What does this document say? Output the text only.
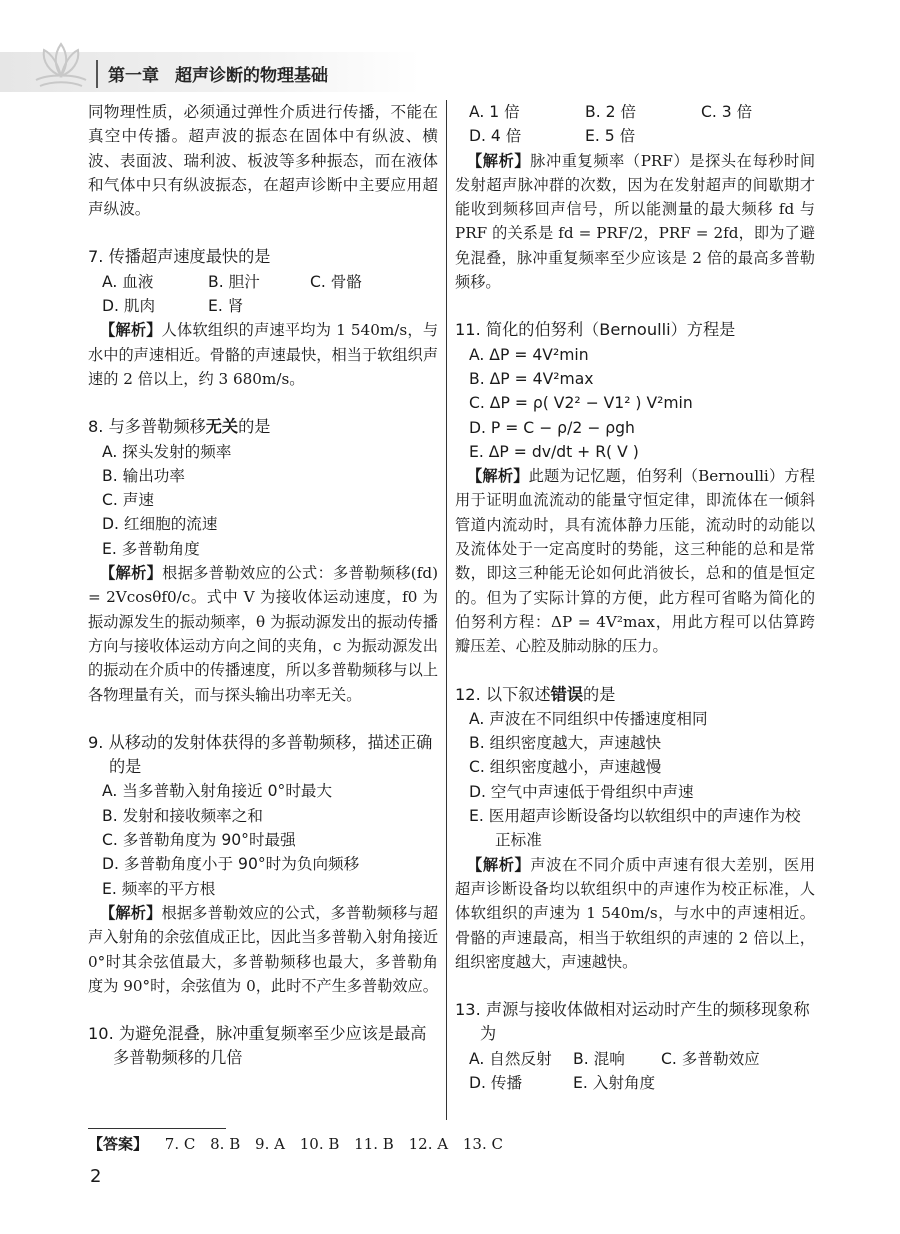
第一章 超声诊断的物理基础

同物理性质，必须通过弹性介质进行传播，不能在真空中传播。超声波的振态在固体中有纵波、横波、表面波、瑞利波、板波等多种振态，而在液体和气体中只有纵波振态，在超声诊断中主要应用超声纵波。

7. 传播超声速度最快的是

A. 血液	B. 胆汁	C. 骨骼
D. 肌肉	E. 肾

【解析】人体软组织的声速平均为 1 540m/s，与水中的声速相近。骨骼的声速最快，相当于软组织声速的 2 倍以上，约 3 680m/s。

8. 与多普勒频移无关的是

A. 探头发射的频率

B. 输出功率

C. 声速

D. 红细胞的流速

E. 多普勒角度

【解析】根据多普勒效应的公式：多普勒频移(fd) = 2Vcosθf0/c。式中 V 为接收体运动速度，f0 为振动源发生的振动频率，θ 为振动源发出的振动传播方向与接收体运动方向之间的夹角，c 为振动源发出的振动在介质中的传播速度，所以多普勒频移与以上各物理量有关，而与探头输出功率无关。

9. 从移动的发射体获得的多普勒频移，描述正确的是

A. 当多普勒入射角接近 0°时最大

B. 发射和接收频率之和

C. 多普勒角度为 90°时最强

D. 多普勒角度小于 90°时为负向频移

E. 频率的平方根

【解析】根据多普勒效应的公式，多普勒频移与超声入射角的余弦值成正比，因此当多普勒入射角接近 0°时其余弦值最大，多普勒频移也最大，多普勒角度为 90°时，余弦值为 0，此时不产生多普勒效应。

10. 为避免混叠，脉冲重复频率至少应该是最高多普勒频移的几倍

A. 1 倍	B. 2 倍	C. 3 倍
D. 4 倍	E. 5 倍

【解析】脉冲重复频率（PRF）是探头在每秒时间发射超声脉冲群的次数，因为在发射超声的间歇期才能收到频移回声信号，所以能测量的最大频移 fd 与 PRF 的关系是 fd = PRF/2，PRF = 2fd，即为了避免混叠，脉冲重复频率至少应该是 2 倍的最高多普勒频移。

11. 简化的伯努利（Bernoulli）方程是

A. ΔP = 4V²min

B. ΔP = 4V²max

C. ΔP = ρ( V2² − V1² ) V²min

D. P = C − ρ/2 − ρgh

E. ΔP = dv/dt + R( V )

【解析】此题为记忆题，伯努利（Bernoulli）方程用于证明血流流动的能量守恒定律，即流体在一倾斜管道内流动时，具有流体静力压能，流动时的动能以及流体处于一定高度时的势能，这三种能的总和是常数，即这三种能无论如何此消彼长，总和的值是恒定的。但为了实际计算的方便，此方程可省略为简化的伯努利方程：ΔP = 4V²max，用此方程可以估算跨瓣压差、心腔及肺动脉的压力。

12. 以下叙述错误的是

A. 声波在不同组织中传播速度相同

B. 组织密度越大，声速越快

C. 组织密度越小，声速越慢

D. 空气中声速低于骨组织中声速

E. 医用超声诊断设备均以软组织中的声速作为校正标准

【解析】声波在不同介质中声速有很大差别，医用超声诊断设备均以软组织中的声速作为校正标准，人体软组织的声速为 1 540m/s，与水中的声速相近。骨骼的声速最高，相当于软组织的声速的 2 倍以上，组织密度越大，声速越快。

13. 声源与接收体做相对运动时产生的频移现象称为

A. 自然反射	B. 混响	C. 多普勒效应
D. 传播	E. 入射角度
【答案】 7. C 8. B 9. A 10. B 11. B 12. A 13. C
2
